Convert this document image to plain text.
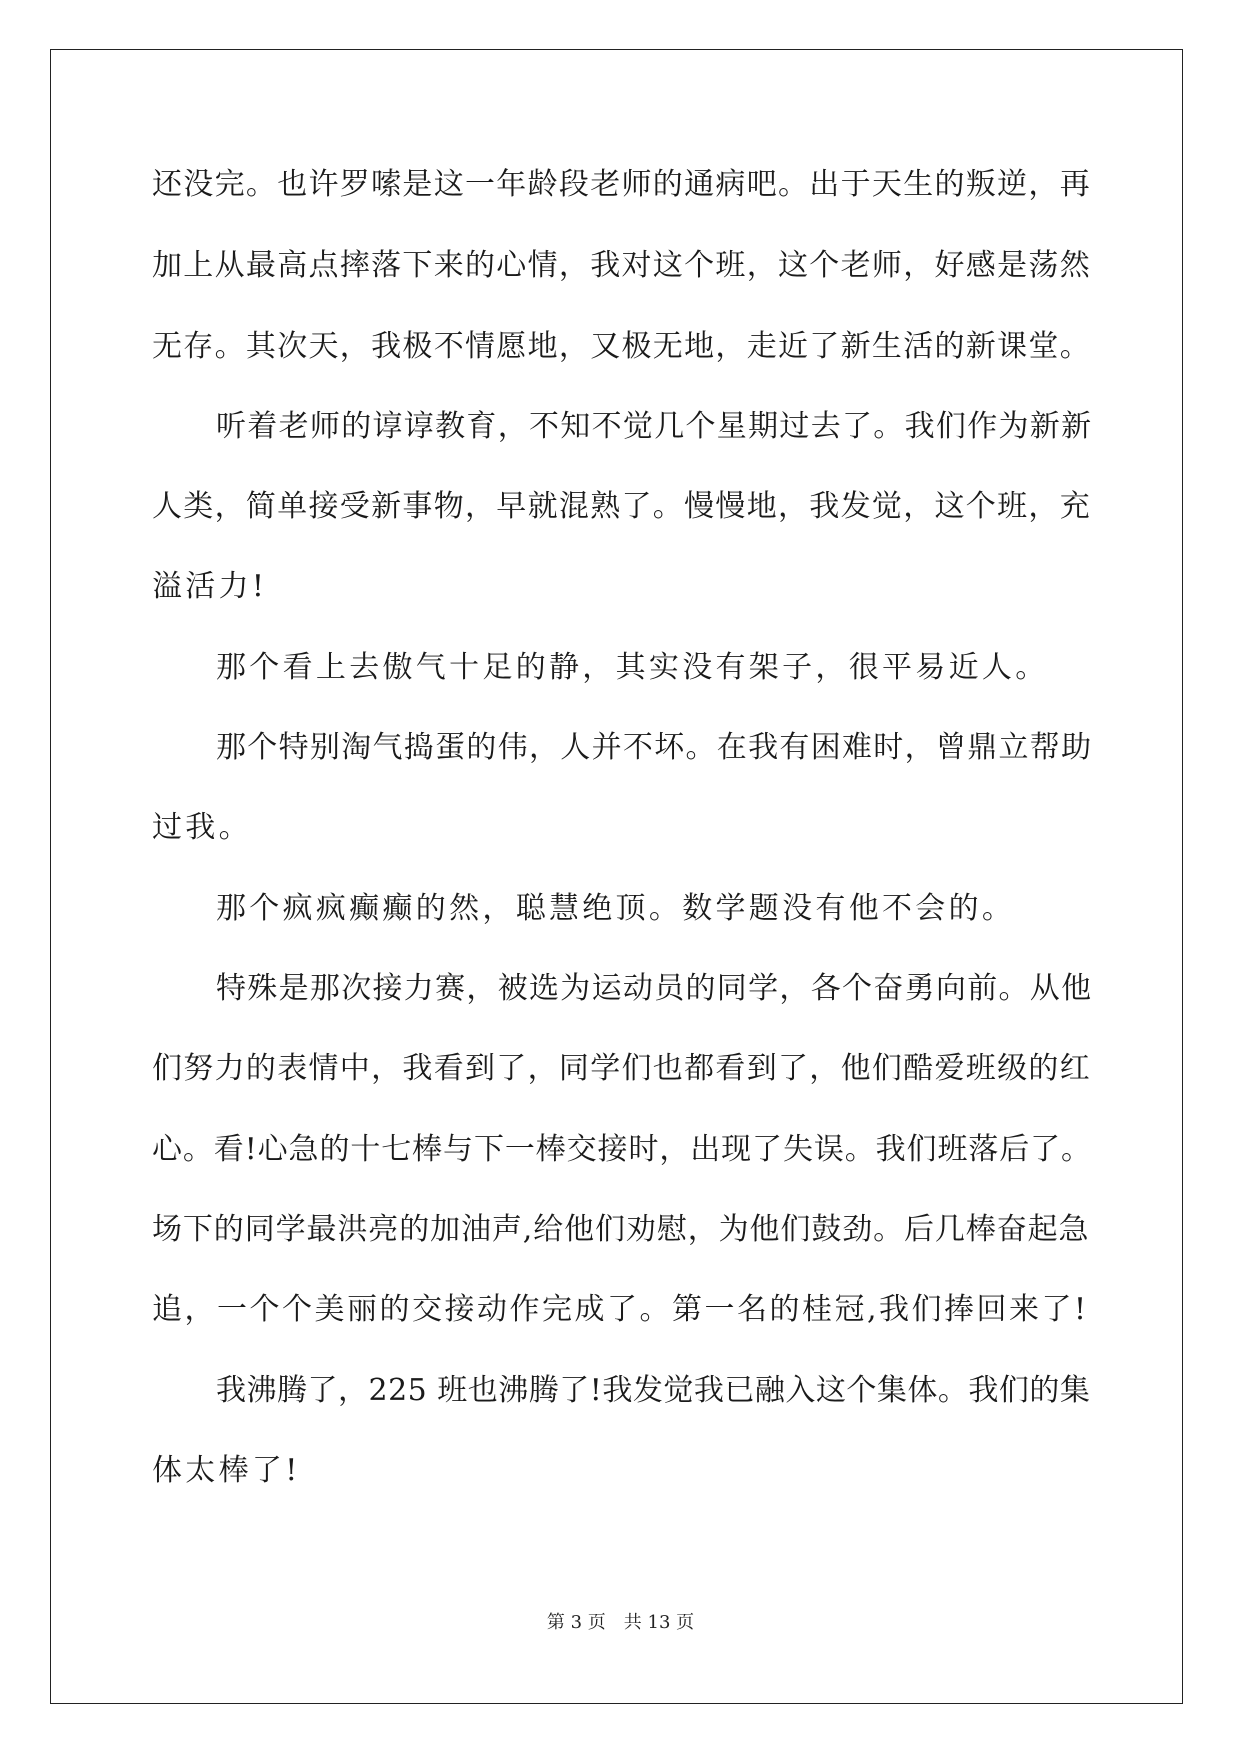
还没完。也许罗嗦是这一年龄段老师的通病吧。出于天生的叛逆，再
加上从最高点摔落下来的心情，我对这个班，这个老师，好感是荡然
无存。其次天，我极不情愿地，又极无地，走近了新生活的新课堂。
听着老师的谆谆教育，不知不觉几个星期过去了。我们作为新新
人类，简单接受新事物，早就混熟了。慢慢地，我发觉，这个班，充
溢活力!
那个看上去傲气十足的静，其实没有架子，很平易近人。
那个特别淘气捣蛋的伟，人并不坏。在我有困难时，曾鼎立帮助
过我。
那个疯疯癫癫的然，聪慧绝顶。数学题没有他不会的。
特殊是那次接力赛，被选为运动员的同学，各个奋勇向前。从他
们努力的表情中，我看到了，同学们也都看到了，他们酷爱班级的红
心。看!心急的十七棒与下一棒交接时，出现了失误。我们班落后了。
场下的同学最洪亮的加油声,给他们劝慰，为他们鼓劲。后几棒奋起急
追，一个个美丽的交接动作完成了。第一名的桂冠,我们捧回来了!
我沸腾了，225 班也沸腾了!我发觉我已融入这个集体。我们的集
体太棒了!
第 3 页 共 13 页
